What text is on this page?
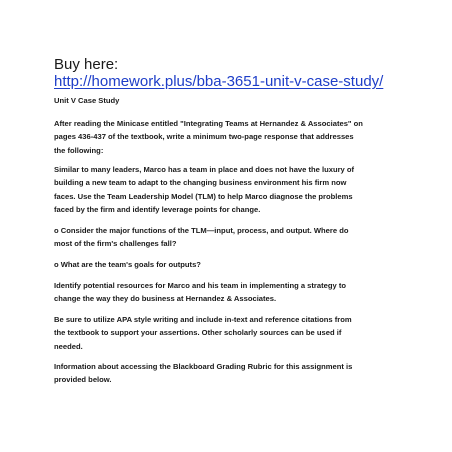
Buy here:
http://homework.plus/bba-3651-unit-v-case-study/

Unit V Case Study

After reading the Minicase entitled "Integrating Teams at Hernandez & Associates" on
pages 436-437 of the textbook, write a minimum two-page response that addresses
the following:

Similar to many leaders, Marco has a team in place and does not have the luxury of
building a new team to adapt to the changing business environment his firm now
faces. Use the Team Leadership Model (TLM) to help Marco diagnose the problems
faced by the firm and identify leverage points for change.

o Consider the major functions of the TLM—input, process, and output. Where do
most of the firm's challenges fall?

o What are the team's goals for outputs?

Identify potential resources for Marco and his team in implementing a strategy to
change the way they do business at Hernandez & Associates.

Be sure to utilize APA style writing and include in-text and reference citations from
the textbook to support your assertions. Other scholarly sources can be used if
needed.

Information about accessing the Blackboard Grading Rubric for this assignment is
provided below.
